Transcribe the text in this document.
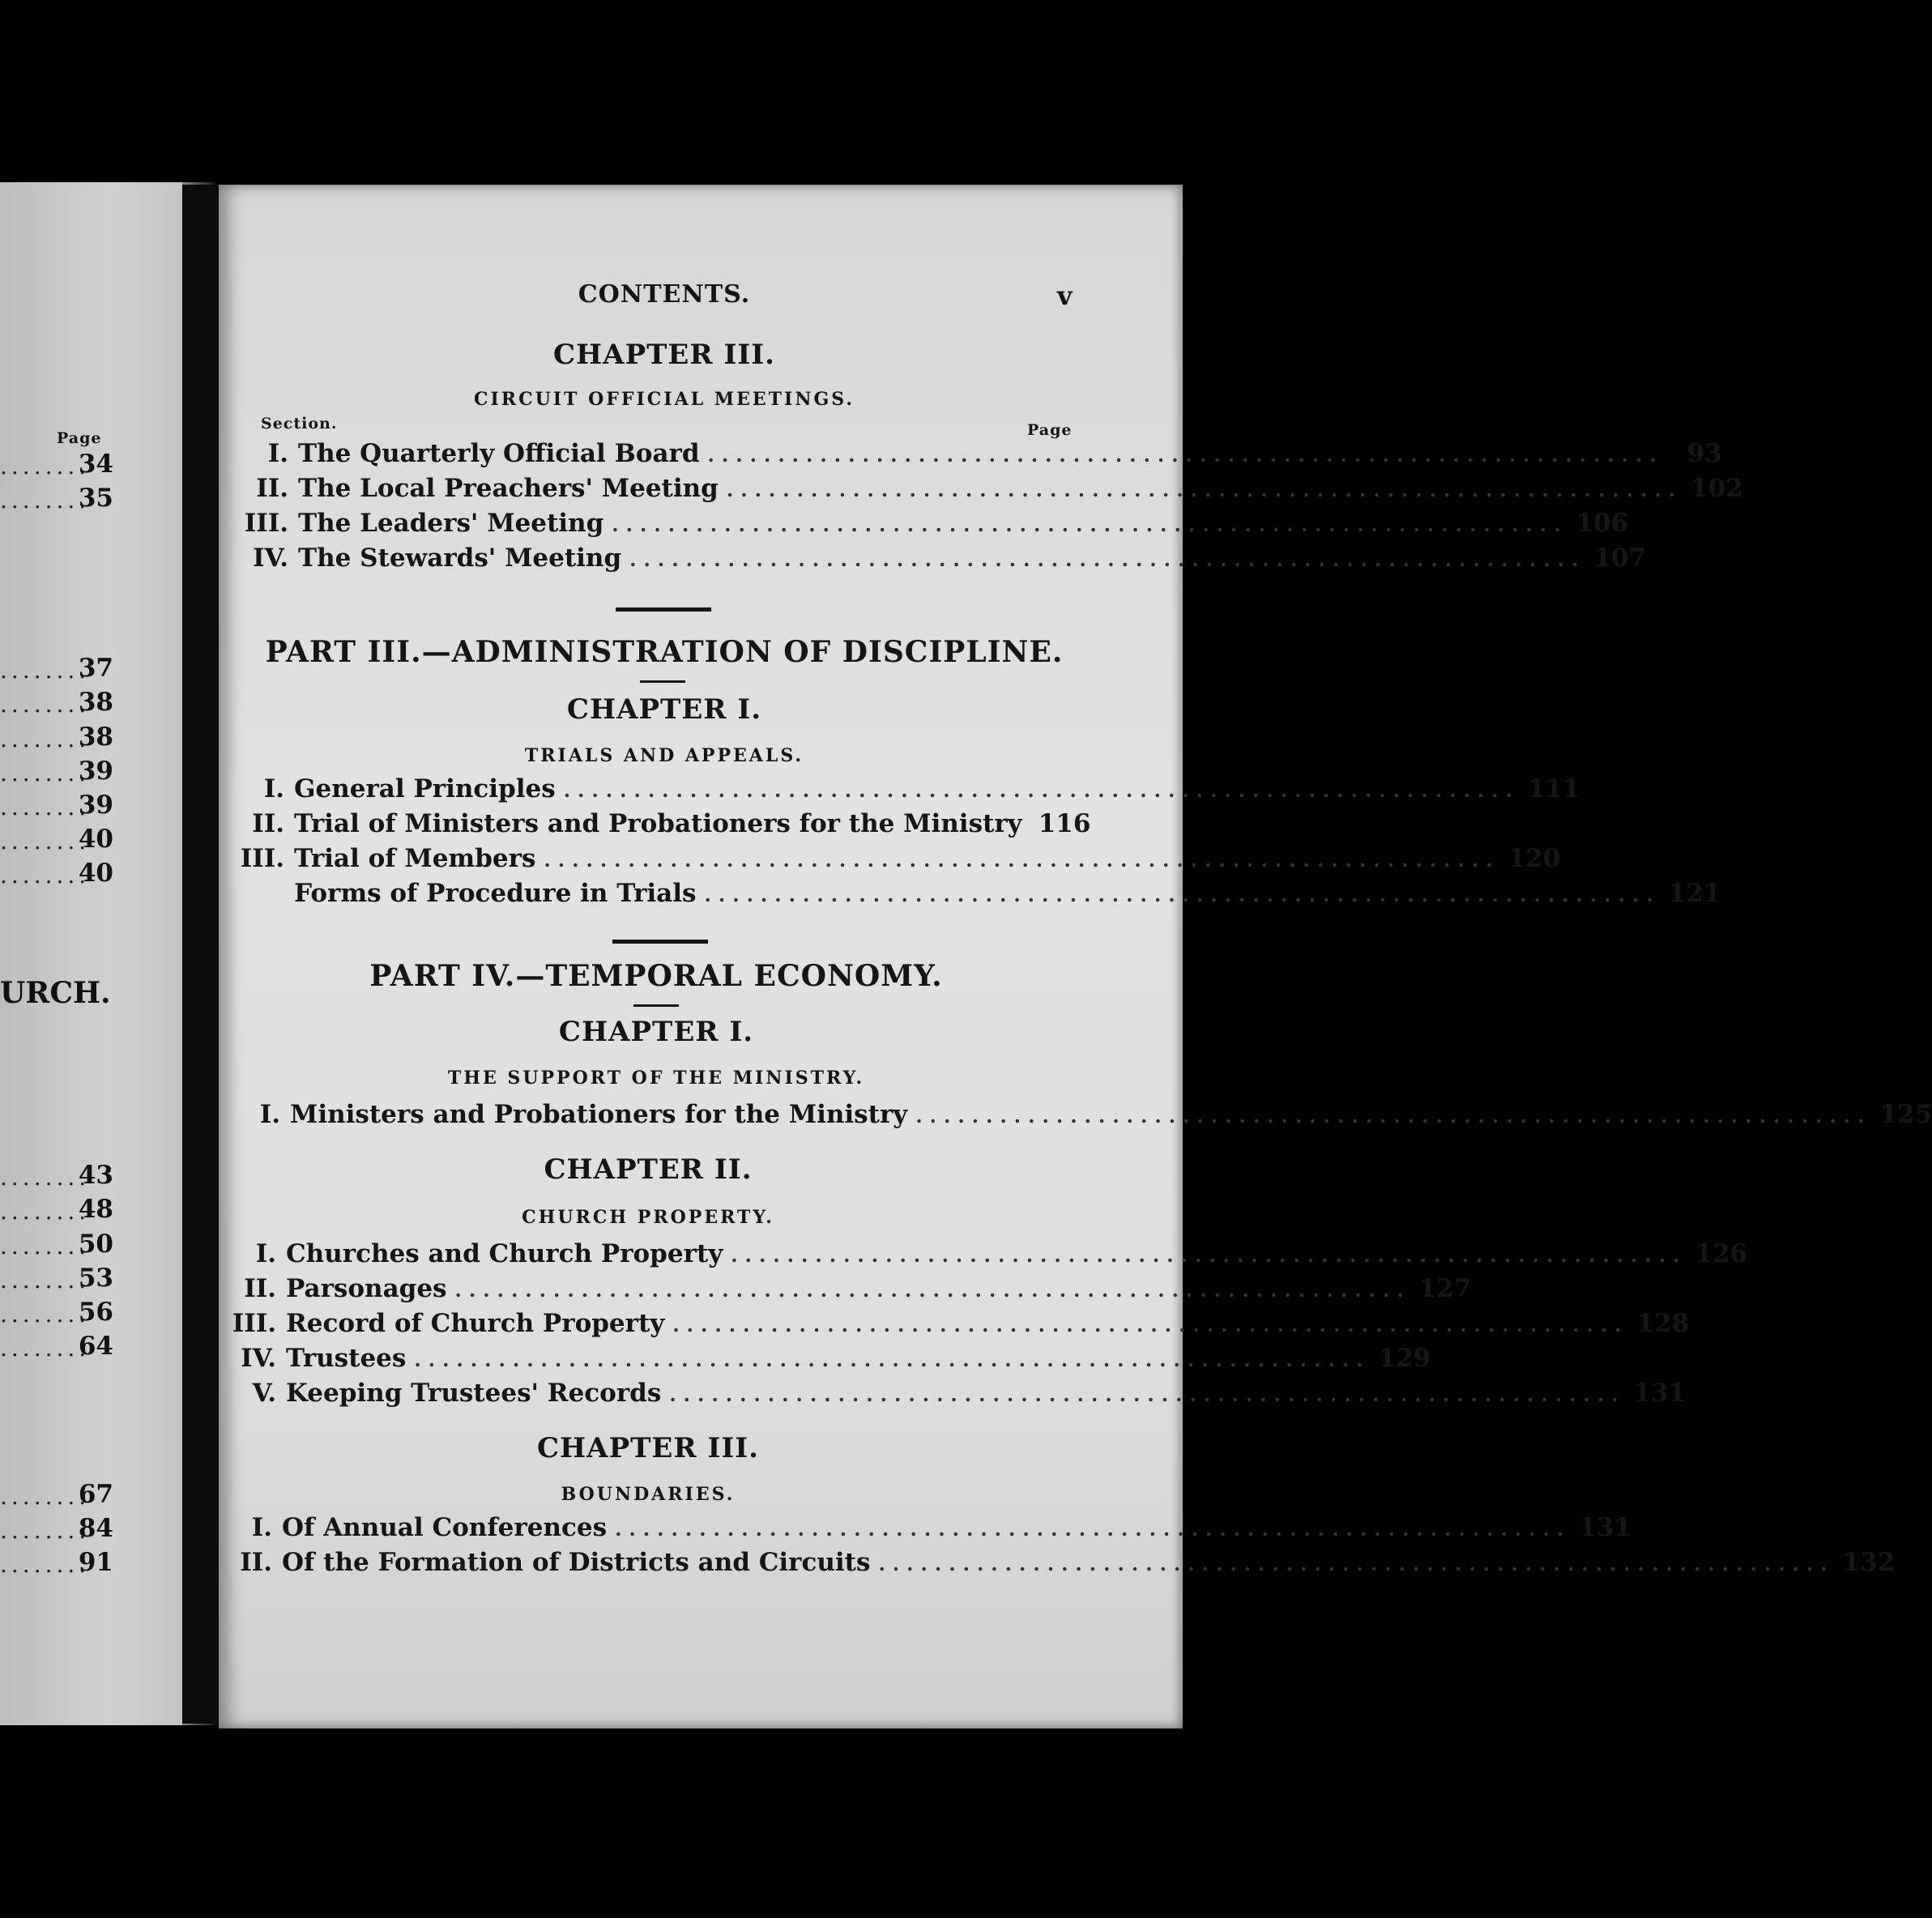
Page
........
34
........
35
........
37
........
38
........
38
........
39
........
39
........
40
........
40
URCH.
........
43
........
48
........
50
........
53
........
56
........
64
........
67
........
84
........
91
CONTENTS.	v
CHAPTER III.
CIRCUIT OFFICIAL MEETINGS.
Section.	Page
I. The Quarterly Official Board .................................................................... 93
II. The Local Preachers' Meeting .................................................................... 102
III. The Leaders' Meeting .................................................................... 106
IV. The Stewards' Meeting .................................................................... 107
PART III.—ADMINISTRATION OF DISCIPLINE.
CHAPTER I.
TRIALS AND APPEALS.
I. General Principles .................................................................... 111
II. Trial of Ministers and Probationers for the Ministry 116
III. Trial of Members .................................................................... 120
Forms of Procedure in Trials .................................................................... 121
PART IV.—TEMPORAL ECONOMY.
CHAPTER I.
THE SUPPORT OF THE MINISTRY.
I. Ministers and Probationers for the Ministry .................................................................... 125
CHAPTER II.
CHURCH PROPERTY.
I. Churches and Church Property .................................................................... 126
II. Parsonages .................................................................... 127
III. Record of Church Property .................................................................... 128
IV. Trustees .................................................................... 129
V. Keeping Trustees' Records .................................................................... 131
CHAPTER III.
BOUNDARIES.
I. Of Annual Conferences .................................................................... 131
II. Of the Formation of Districts and Circuits .................................................................... 132
